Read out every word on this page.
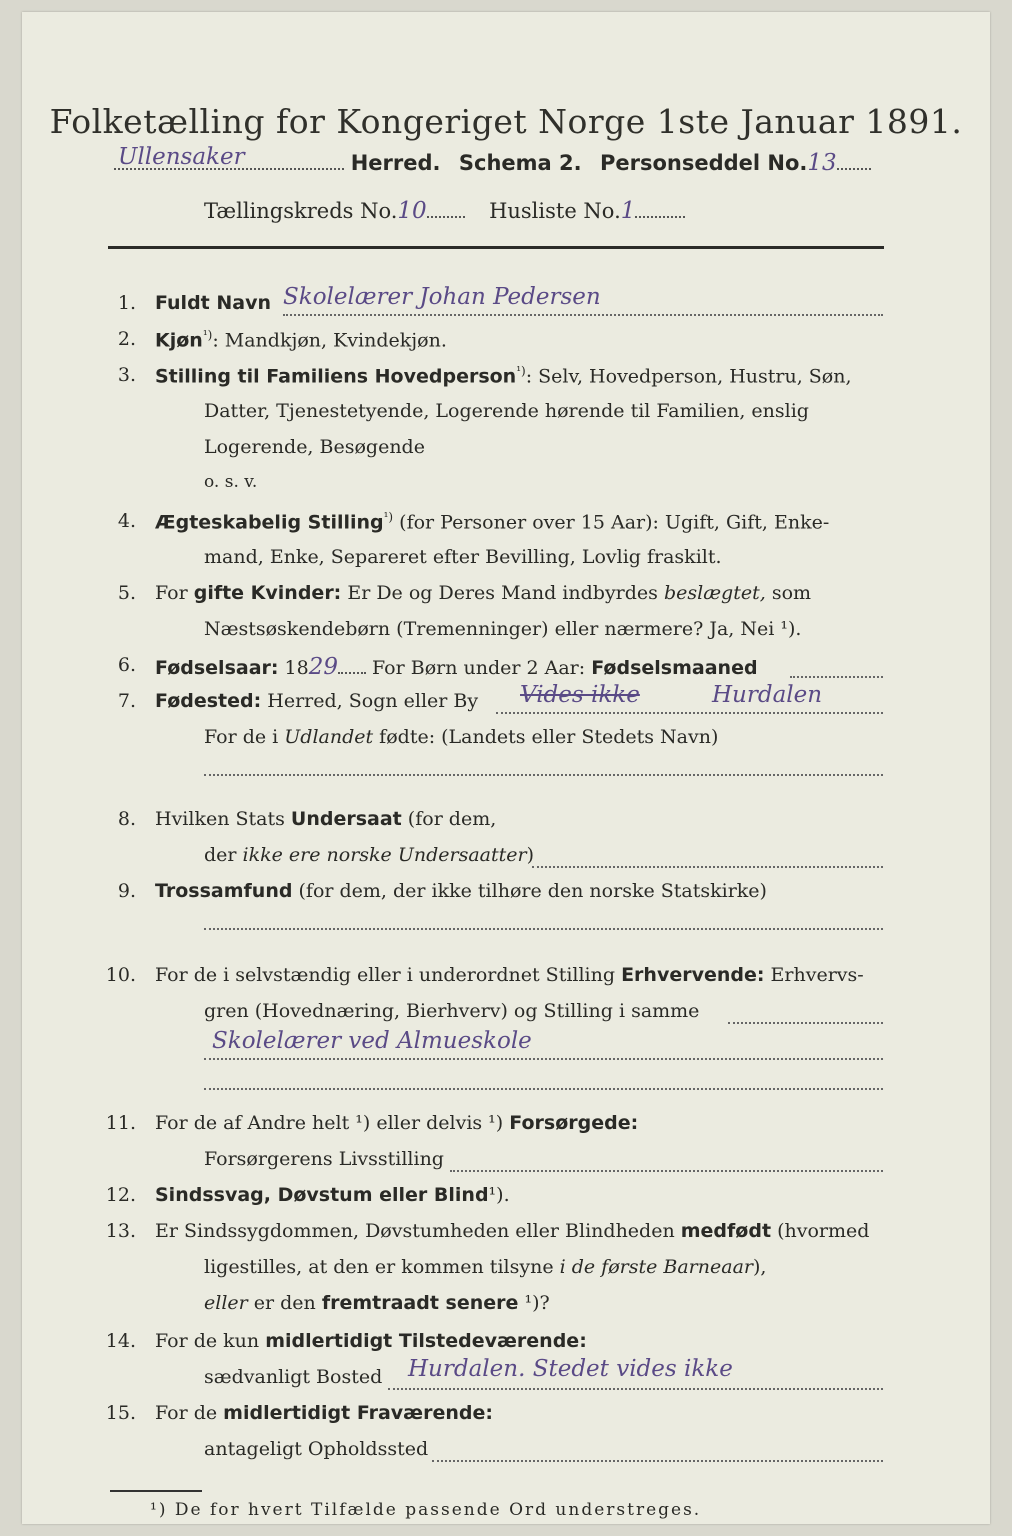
Folketælling for Kongeriget Norge 1ste Januar 1891.

Ullensaker	Herred. Schema 2. Personseddel No.13
Tællingskreds No.10	Husliste No.1
1. Fuldt Navn Skolelærer Johan Pedersen
2. Kjøn$^{^1)}$: Mandkjøn, Kvindekjøn.
3. Stilling til Familiens Hovedperson$^{^1)}$: Selv, Hovedperson, Hustru, Søn,
Datter, Tjenestetyende, Logerende hørende til Familien, enslig
Logerende, Besøgende
o. s. v.
4. Ægteskabelig Stilling$^{^1)}$ (for Personer over 15 Aar): Ugift, Gift, Enke-
mand, Enke, Separeret efter Bevilling, Lovlig fraskilt.
5. For gifte Kvinder: Er De og Deres Mand indbyrdes beslægtet, som
Næstsøskendebørn (Tremenninger) eller nærmere? Ja, Nei ¹).
6. Fødselsaar: 1829 For Børn under 2 Aar: Fødselsmaaned
7. Fødested: Herred, Sogn eller By Vides ikke	Hurdalen
For de i Udlandet fødte: (Landets eller Stedets Navn)
8. Hvilken Stats Undersaat (for dem,
der ikke ere norske Undersaatter)
9. Trossamfund (for dem, der ikke tilhøre den norske Statskirke)
10. For de i selvstændig eller i underordnet Stilling Erhvervende: Erhvervs-
gren (Hovednæring, Bierhverv) og Stilling i samme
Skolelærer ved Almueskole
11. For de af Andre helt ¹) eller delvis ¹) Forsørgede:
Forsørgerens Livsstilling
12. Sindssvag, Døvstum eller Blind¹).
13. Er Sindssygdommen, Døvstumheden eller Blindheden medfødt (hvormed
ligestilles, at den er kommen tilsyne i de første Barneaar),
eller er den fremtraadt senere ¹)?
14. For de kun midlertidigt Tilstedeværende:
sædvanligt Bosted Hurdalen. Stedet vides ikke
15. For de midlertidigt Fraværende:
antageligt Opholdssted
¹) De for hvert Tilfælde passende Ord understreges.
